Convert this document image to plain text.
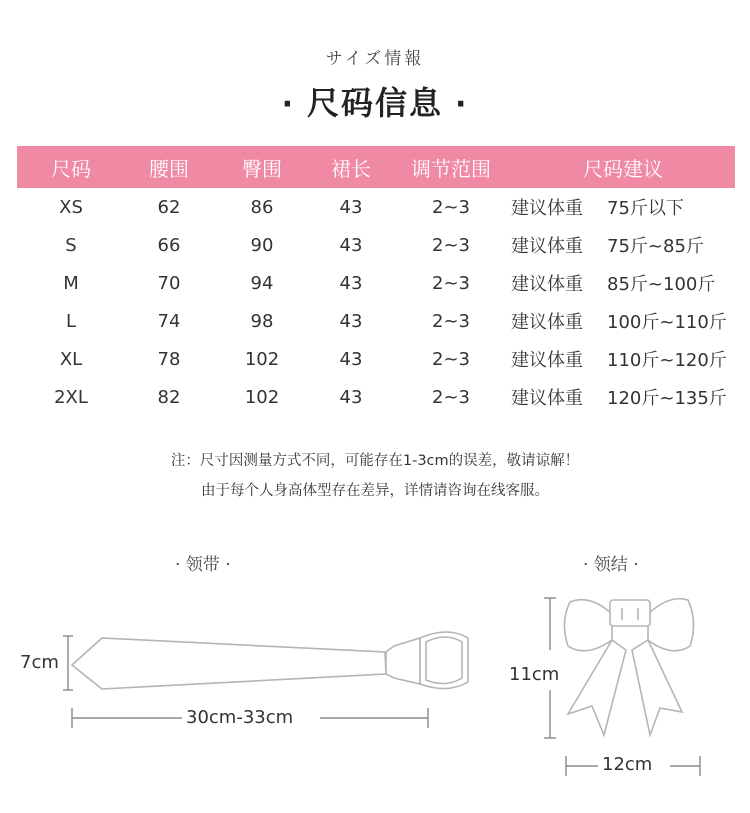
サイズ情報
· 尺码信息 ·
尺码	腰围	臀围	裙长	调节范围	尺码建议
XS	62	86	43	2~3	建议体重 75斤以下
S	66	90	43	2~3	建议体重 75斤~85斤
M	70	94	43	2~3	建议体重 85斤~100斤
L	74	98	43	2~3	建议体重 100斤~110斤
XL	78	102	43	2~3	建议体重 110斤~120斤
2XL	82	102	43	2~3	建议体重 120斤~135斤
注：尺寸因测量方式不同，可能存在1-3cm的误差，敬请谅解！
由于每个人身高体型存在差异，详情请咨询在线客服。
· 领带 ·	· 领结 ·
7cm
30cm-33cm
11cm
12cm
